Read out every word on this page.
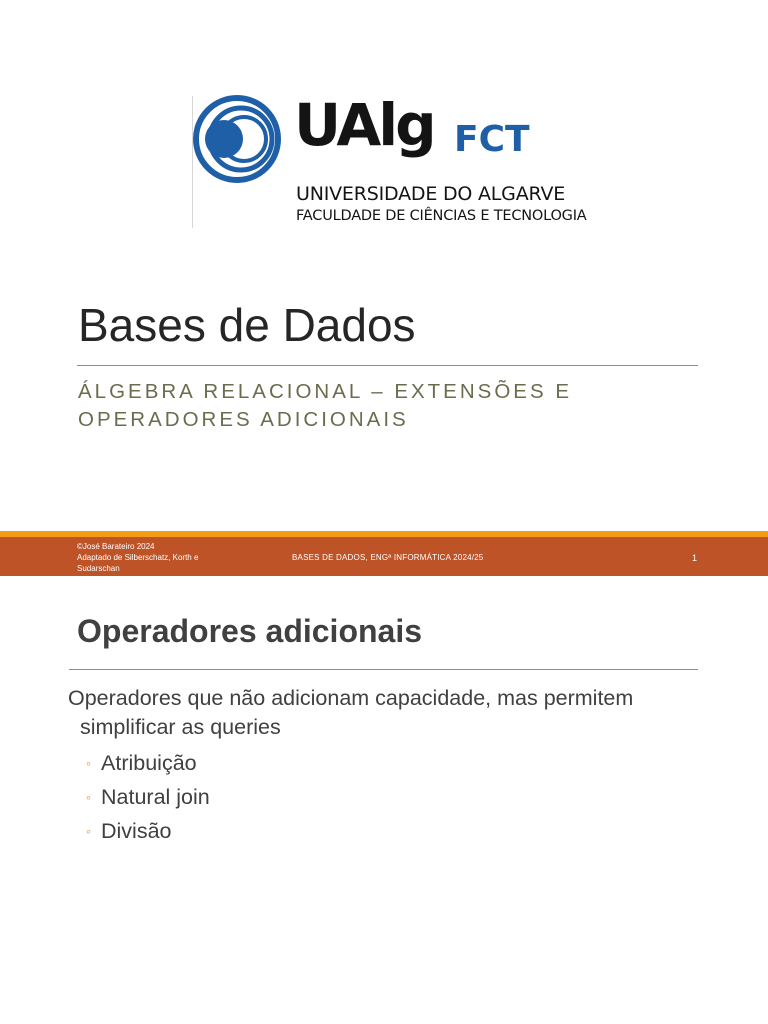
UAlg FCT
UNIVERSIDADE DO ALGARVE
FACULDADE DE CIÊNCIAS E TECNOLOGIA
Bases de Dados
ÁLGEBRA RELACIONAL – EXTENSÕES E
OPERADORES ADICIONAIS
©José Barateiro 2024
Adaptado de Silberschatz, Korth e
Sudarschan
BASES DE DADOS, ENGª INFORMÁTICA 2024/25	1
Operadores adicionais
Operadores que não adicionam capacidade, mas permitem
simplificar as queries
◦ Atribuição
◦ Natural join
◦ Divisão
